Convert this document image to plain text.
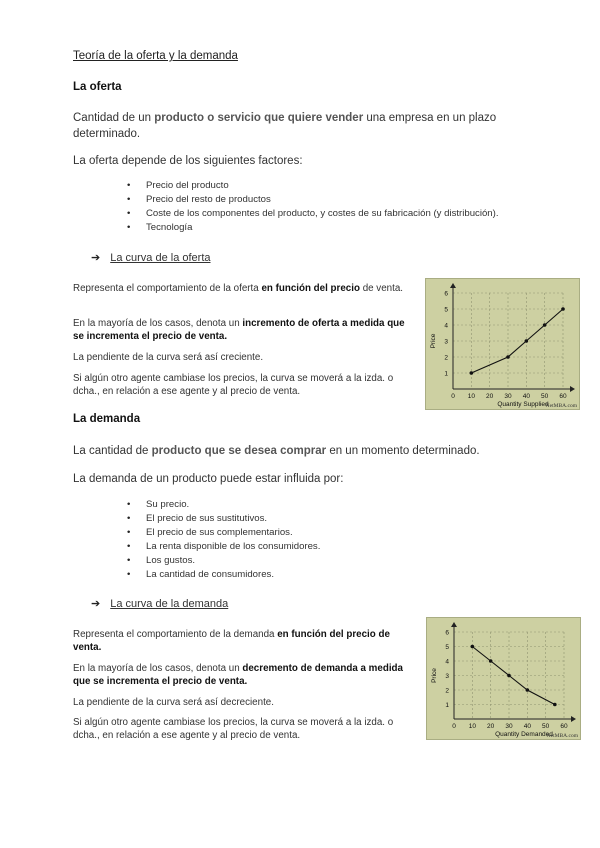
Teoría de la oferta y la demanda
La oferta
Cantidad de un producto o servicio que quiere vender una empresa en un plazo determinado.
La oferta depende de los siguientes factores:
• Precio del producto
• Precio del resto de productos
• Coste de los componentes del producto, y costes de su fabricación (y distribución).
• Tecnología
➔ La curva de la oferta
Representa el comportamiento de la oferta en función del precio de venta.
En la mayoría de los casos, denota un incremento de oferta a medida que se incrementa el precio de venta.
La pendiente de la curva será así creciente.
Si algún otro agente cambiase los precios, la curva se moverá a la izda. o dcha., en relación a ese agente y al precio de venta.	0 10 20 30 40 50 60
1
2
3
4
5
6
Quantity Supplied
Price
NetMBA.com
La demanda
La cantidad de producto que se desea comprar en un momento determinado.
La demanda de un producto puede estar influida por:
• Su precio.
• El precio de sus sustitutivos.
• El precio de sus complementarios.
• La renta disponible de los consumidores.
• Los gustos.
• La cantidad de consumidores.
➔ La curva de la demanda
Representa el comportamiento de la demanda en función del precio de venta.
En la mayoría de los casos, denota un decremento de demanda a medida que se incrementa el precio de venta.
La pendiente de la curva será así decreciente.
Si algún otro agente cambiase los precios, la curva se moverá a la izda. o dcha., en relación a ese agente y al precio de venta.
0 10 20 30 40 50 60
1
2
3
4
5
6
Quantity Demanded
Price
NetMBA.com
